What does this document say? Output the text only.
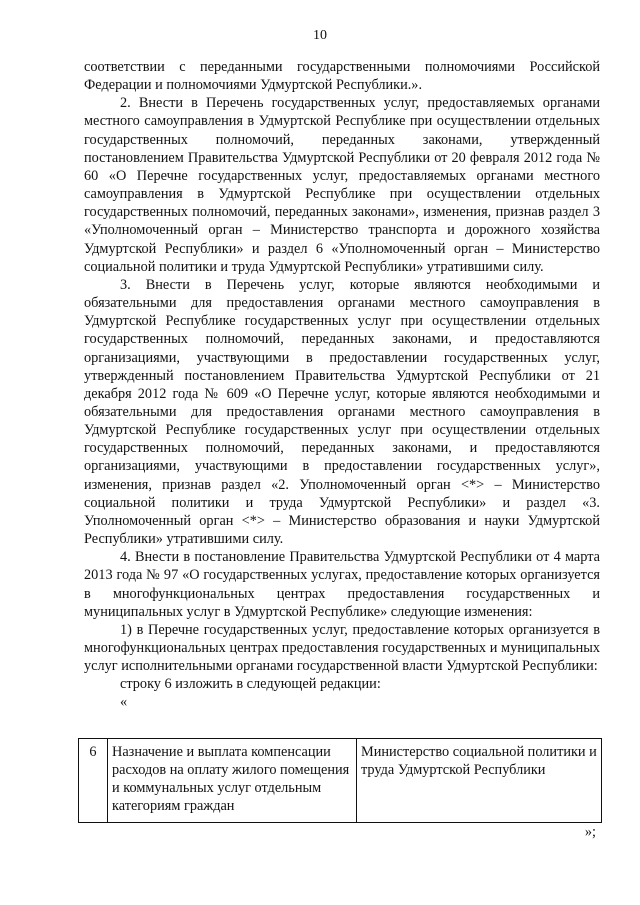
10

соответствии с переданными государственными полномочиями Российской Федерации и полномочиями Удмуртской Республики.».

2. Внести в Перечень государственных услуг, предоставляемых органами местного самоуправления в Удмуртской Республике при осуществлении отдельных государственных полномочий, переданных законами, утвержденный постановлением Правительства Удмуртской Республики от 20 февраля 2012 года № 60 «О Перечне государственных услуг, предоставляемых органами местного самоуправления в Удмуртской Республике при осуществлении отдельных государственных полномочий, переданных законами», изменения, признав раздел 3 «Уполномоченный орган – Министерство транспорта и дорожного хозяйства Удмуртской Республики» и раздел 6 «Уполномоченный орган – Министерство социальной политики и труда Удмуртской Республики» утратившими силу.

3. Внести в Перечень услуг, которые являются необходимыми и обязательными для предоставления органами местного самоуправления в Удмуртской Республике государственных услуг при осуществлении отдельных государственных полномочий, переданных законами, и предоставляются организациями, участвующими в предоставлении государственных услуг, утвержденный постановлением Правительства Удмуртской Республики от 21 декабря 2012 года № 609 «О Перечне услуг, которые являются необходимыми и обязательными для предоставления органами местного самоуправления в Удмуртской Республике государственных услуг при осуществлении отдельных государственных полномочий, переданных законами, и предоставляются организациями, участвующими в предоставлении государственных услуг», изменения, признав раздел «2. Уполномоченный орган <*> – Министерство социальной политики и труда Удмуртской Республики» и раздел «3. Уполномоченный орган <*> – Министерство образования и науки Удмуртской Республики» утратившими силу.

4. Внести в постановление Правительства Удмуртской Республики от 4 марта 2013 года № 97 «О государственных услугах, предоставление которых организуется в многофункциональных центрах предоставления государственных и муниципальных услуг в Удмуртской Республике» следующие изменения:

1) в Перечне государственных услуг, предоставление которых организуется в многофункциональных центрах предоставления государственных и муниципальных услуг исполнительными органами государственной власти Удмуртской Республики:

строку 6 изложить в следующей редакции:

«

6	Назначение и выплата компенсации расходов на оплату жилого помещения и коммунальных услуг отдельным категориям граждан	Министерство социальной политики и труда Удмуртской Республики
»;
